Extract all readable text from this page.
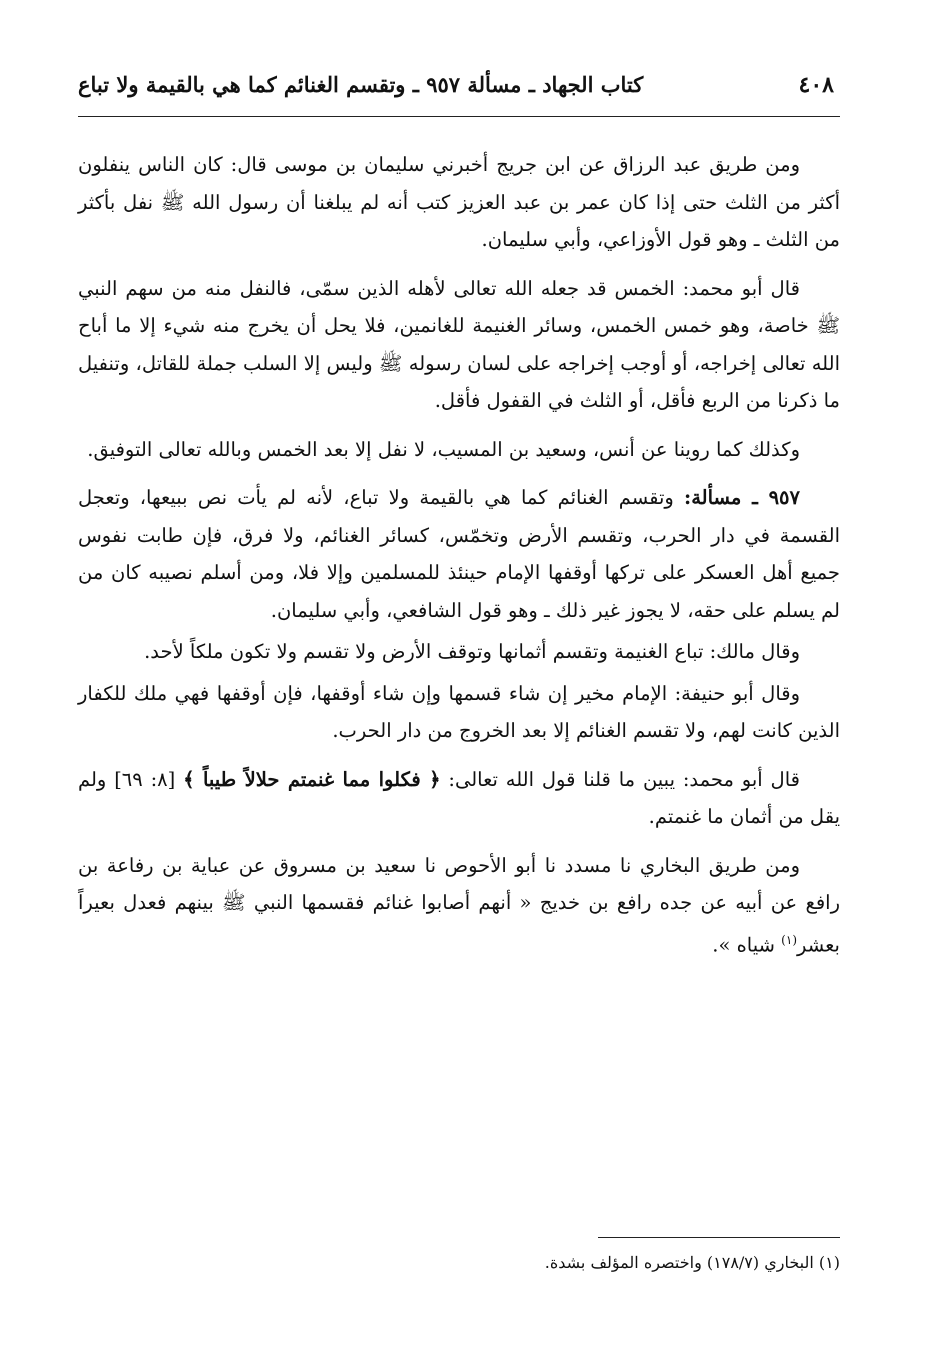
٤٠٨
كتاب الجهاد ـ مسألة ٩٥٧ ـ وتقسم الغنائم كما هي بالقيمة ولا تباع

ومن طريق عبد الرزاق عن ابن جريج أخبرني سليمان بن موسى قال: كان الناس ينفلون أكثر من الثلث حتى إذا كان عمر بن عبد العزيز كتب أنه لم يبلغنا أن رسول الله ﷺ نفل بأكثر من الثلث ـ وهو قول الأوزاعي، وأبي سليمان.

قال أبو محمد: الخمس قد جعله الله تعالى لأهله الذين سمّى، فالنفل منه من سهم النبي ﷺ خاصة، وهو خمس الخمس، وسائر الغنيمة للغانمين، فلا يحل أن يخرج منه شيء إلا ما أباح الله تعالى إخراجه، أو أوجب إخراجه على لسان رسوله ﷺ وليس إلا السلب جملة للقاتل، وتنفيل ما ذكرنا من الربع فأقل، أو الثلث في القفول فأقل.

وكذلك كما روينا عن أنس، وسعيد بن المسيب، لا نفل إلا بعد الخمس وبالله تعالى التوفيق.

٩٥٧ ـ مسألة: وتقسم الغنائم كما هي بالقيمة ولا تباع، لأنه لم يأت نص ببيعها، وتعجل القسمة في دار الحرب، وتقسم الأرض وتخمّس، كسائر الغنائم، ولا فرق، فإن طابت نفوس جميع أهل العسكر على تركها أوقفها الإمام حينئذ للمسلمين وإلا فلا، ومن أسلم نصيبه كان من لم يسلم على حقه، لا يجوز غير ذلك ـ وهو قول الشافعي، وأبي سليمان.

وقال مالك: تباع الغنيمة وتقسم أثمانها وتوقف الأرض ولا تقسم ولا تكون ملكاً لأحد.

وقال أبو حنيفة: الإمام مخير إن شاء قسمها وإن شاء أوقفها، فإن أوقفها فهي ملك للكفار الذين كانت لهم، ولا تقسم الغنائم إلا بعد الخروج من دار الحرب.

قال أبو محمد: يبين ما قلنا قول الله تعالى: ﴿ فكلوا مما غنمتم حلالاً طيباً ﴾ [٨: ٦٩] ولم يقل من أثمان ما غنمتم.

ومن طريق البخاري نا مسدد نا أبو الأحوص نا سعيد بن مسروق عن عباية بن رفاعة بن رافع عن أبيه عن جده رافع بن خديج « أنهم أصابوا غنائم فقسمها النبي ﷺ بينهم فعدل بعيراً بعشر$^{(١)}$ شياه ».

(١) البخاري (١٧٨/٧) واختصره المؤلف بشدة.
